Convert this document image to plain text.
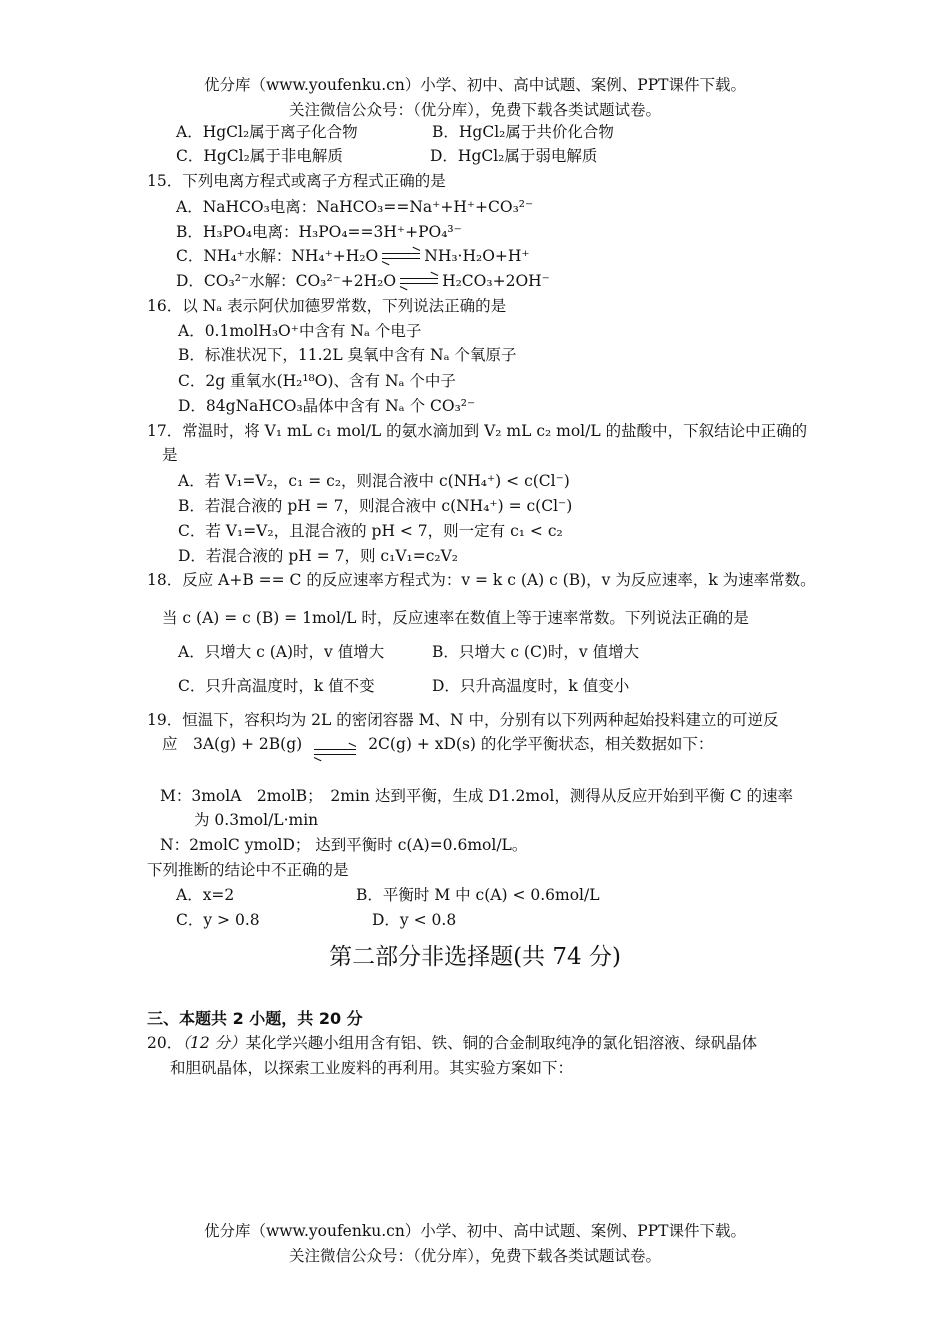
优分库（www.youfenku.cn）小学、初中、高中试题、案例、PPT课件下载。
关注微信公众号：（优分库），免费下载各类试题试卷。
A．HgCl₂属于离子化合物	B．HgCl₂属于共价化合物
C．HgCl₂属于非电解质	D．HgCl₂属于弱电解质
15．下列电离方程式或离子方程式正确的是
A．NaHCO₃电离：NaHCO₃==Na⁺+H⁺+CO₃²⁻
B．H₃PO₄电离：H₃PO₄==3H⁺+PO₄³⁻
C．NH₄⁺水解：NH₄⁺+H₂O	NH₃·H₂O+H⁺
D．CO₃²⁻水解：CO₃²⁻+2H₂O	H₂CO₃+2OH⁻
16．以 Nₐ 表示阿伏加德罗常数，下列说法正确的是
A．0.1molH₃O⁺中含有 Nₐ 个电子
B．标准状况下，11.2L 臭氧中含有 Nₐ 个氧原子
C．2g 重氧水(H₂¹⁸O)、含有 Nₐ 个中子
D．84gNaHCO₃晶体中含有 Nₐ 个 CO₃²⁻
17．常温时，将 V₁ mL c₁ mol/L 的氨水滴加到 V₂ mL c₂ mol/L 的盐酸中，下叙结论中正确的
是
A．若 V₁=V₂，c₁ = c₂，则混合液中 c(NH₄⁺) < c(Cl⁻)
B．若混合液的 pH = 7，则混合液中 c(NH₄⁺) = c(Cl⁻)
C．若 V₁=V₂，且混合液的 pH < 7，则一定有 c₁ < c₂
D．若混合液的 pH = 7，则 c₁V₁=c₂V₂
18．反应 A+B == C 的反应速率方程式为：v = k c (A) c (B)，v 为反应速率，k 为速率常数。
当 c (A) = c (B) = 1mol/L 时，反应速率在数值上等于速率常数。下列说法正确的是
A．只增大 c (A)时，v 值增大	B．只增大 c (C)时，v 值增大
C．只升高温度时，k 值不变	D．只升高温度时，k 值变小
19．恒温下，容积均为 2L 的密闭容器 M、N 中，分别有以下列两种起始投料建立的可逆反
应　3A(g) + 2B(g)	2C(g) + xD(s) 的化学平衡状态，相关数据如下：
M：3molA　2molB；　2min 达到平衡，生成 D1.2mol，测得从反应开始到平衡 C 的速率
为 0.3mol/L·min
N：2molC ymolD； 达到平衡时 c(A)=0.6mol/L。
下列推断的结论中不正确的是
A．x=2	B．平衡时 M 中 c(A) < 0.6mol/L
C．y > 0.8	D．y < 0.8
第二部分非选择题(共 74 分)
三、本题共 2 小题，共 20 分
20．（12 分）某化学兴趣小组用含有铝、铁、铜的合金制取纯净的氯化铝溶液、绿矾晶体
和胆矾晶体，以探索工业废料的再利用。其实验方案如下：
优分库（www.youfenku.cn）小学、初中、高中试题、案例、PPT课件下载。
关注微信公众号：（优分库），免费下载各类试题试卷。
